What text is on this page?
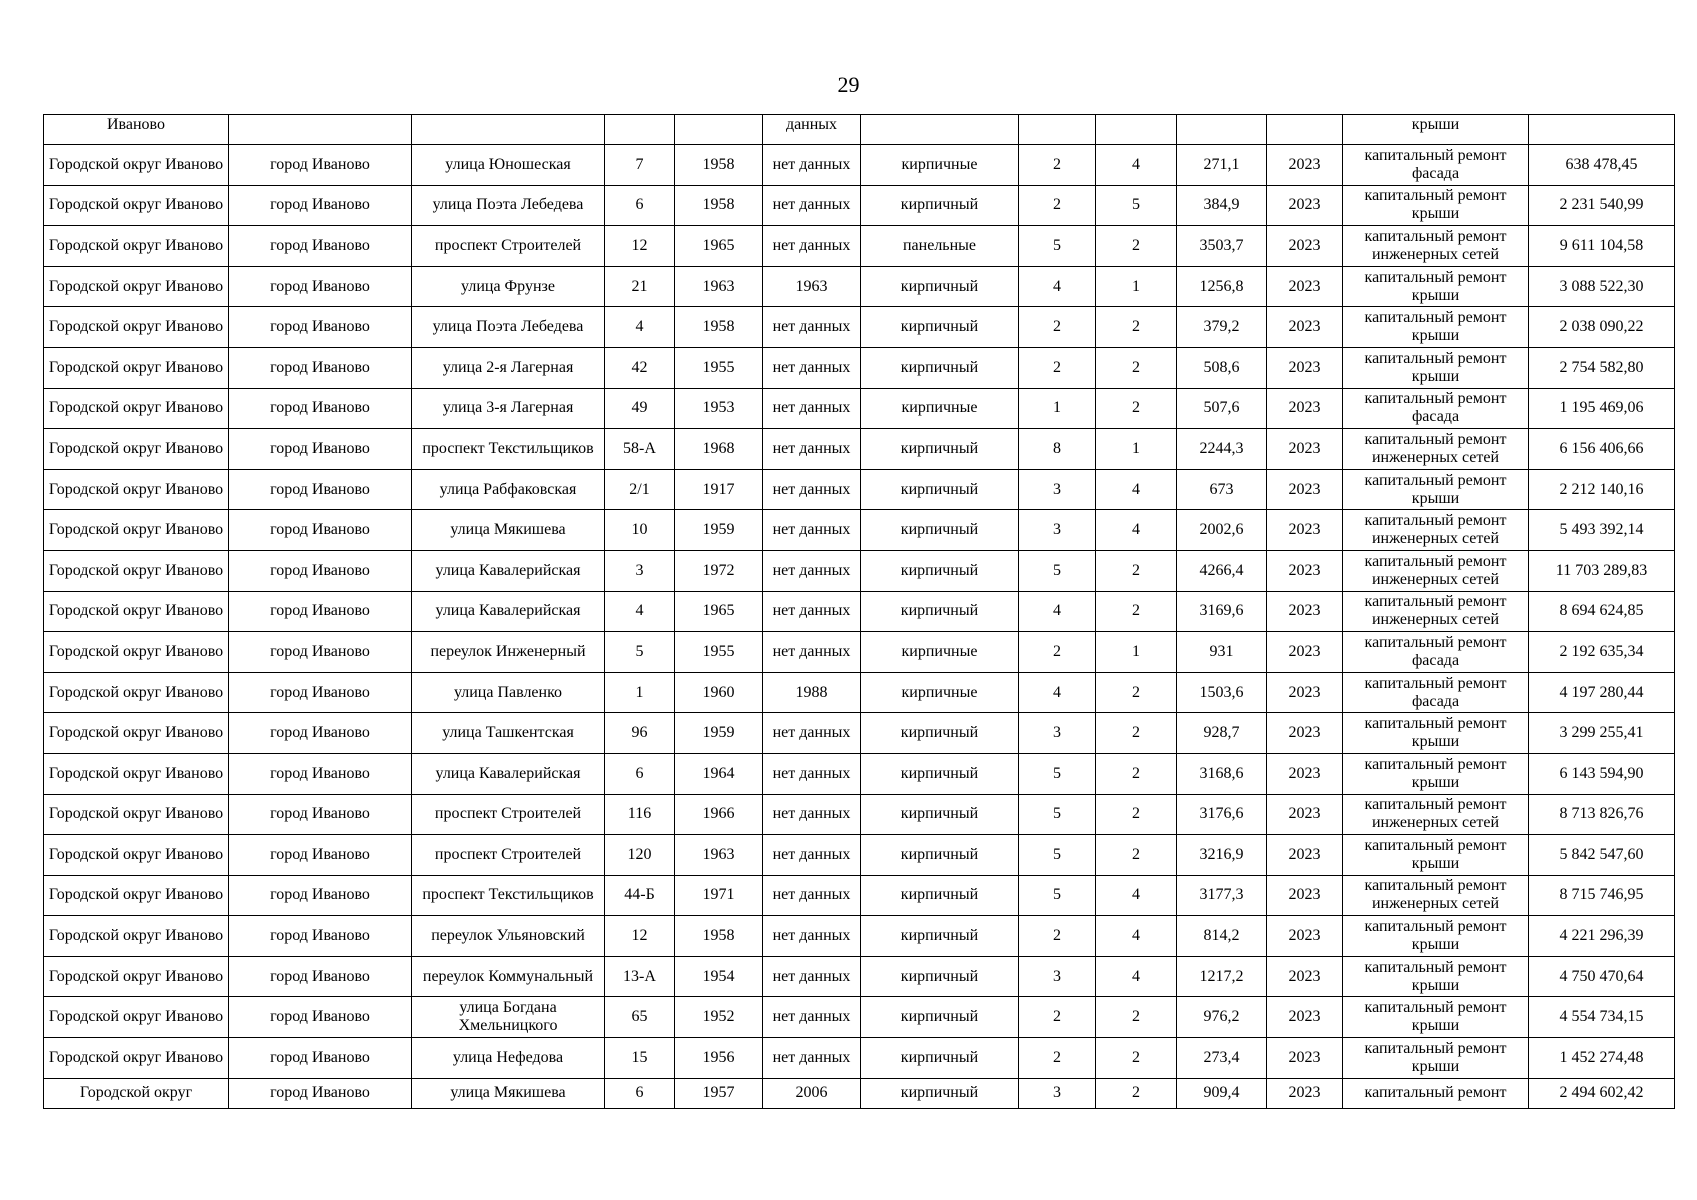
29
Иваново					данных						крыши	
Городской округ Иваново	город Иваново	улица Юношеская	7	1958	нет данных	кирпичные	2	4	271,1	2023	капитальный ремонт фасада	638 478,45
Городской округ Иваново	город Иваново	улица Поэта Лебедева	6	1958	нет данных	кирпичный	2	5	384,9	2023	капитальный ремонт крыши	2 231 540,99
Городской округ Иваново	город Иваново	проспект Строителей	12	1965	нет данных	панельные	5	2	3503,7	2023	капитальный ремонт инженерных сетей	9 611 104,58
Городской округ Иваново	город Иваново	улица Фрунзе	21	1963	1963	кирпичный	4	1	1256,8	2023	капитальный ремонт крыши	3 088 522,30
Городской округ Иваново	город Иваново	улица Поэта Лебедева	4	1958	нет данных	кирпичный	2	2	379,2	2023	капитальный ремонт крыши	2 038 090,22
Городской округ Иваново	город Иваново	улица 2-я Лагерная	42	1955	нет данных	кирпичный	2	2	508,6	2023	капитальный ремонт крыши	2 754 582,80
Городской округ Иваново	город Иваново	улица 3-я Лагерная	49	1953	нет данных	кирпичные	1	2	507,6	2023	капитальный ремонт фасада	1 195 469,06
Городской округ Иваново	город Иваново	проспект Текстильщиков	58-А	1968	нет данных	кирпичный	8	1	2244,3	2023	капитальный ремонт инженерных сетей	6 156 406,66
Городской округ Иваново	город Иваново	улица Рабфаковская	2/1	1917	нет данных	кирпичный	3	4	673	2023	капитальный ремонт крыши	2 212 140,16
Городской округ Иваново	город Иваново	улица Мякишева	10	1959	нет данных	кирпичный	3	4	2002,6	2023	капитальный ремонт инженерных сетей	5 493 392,14
Городской округ Иваново	город Иваново	улица Кавалерийская	3	1972	нет данных	кирпичный	5	2	4266,4	2023	капитальный ремонт инженерных сетей	11 703 289,83
Городской округ Иваново	город Иваново	улица Кавалерийская	4	1965	нет данных	кирпичный	4	2	3169,6	2023	капитальный ремонт инженерных сетей	8 694 624,85
Городской округ Иваново	город Иваново	переулок Инженерный	5	1955	нет данных	кирпичные	2	1	931	2023	капитальный ремонт фасада	2 192 635,34
Городской округ Иваново	город Иваново	улица Павленко	1	1960	1988	кирпичные	4	2	1503,6	2023	капитальный ремонт фасада	4 197 280,44
Городской округ Иваново	город Иваново	улица Ташкентская	96	1959	нет данных	кирпичный	3	2	928,7	2023	капитальный ремонт крыши	3 299 255,41
Городской округ Иваново	город Иваново	улица Кавалерийская	6	1964	нет данных	кирпичный	5	2	3168,6	2023	капитальный ремонт крыши	6 143 594,90
Городской округ Иваново	город Иваново	проспект Строителей	116	1966	нет данных	кирпичный	5	2	3176,6	2023	капитальный ремонт инженерных сетей	8 713 826,76
Городской округ Иваново	город Иваново	проспект Строителей	120	1963	нет данных	кирпичный	5	2	3216,9	2023	капитальный ремонт крыши	5 842 547,60
Городской округ Иваново	город Иваново	проспект Текстильщиков	44-Б	1971	нет данных	кирпичный	5	4	3177,3	2023	капитальный ремонт инженерных сетей	8 715 746,95
Городской округ Иваново	город Иваново	переулок Ульяновский	12	1958	нет данных	кирпичный	2	4	814,2	2023	капитальный ремонт крыши	4 221 296,39
Городской округ Иваново	город Иваново	переулок Коммунальный	13-А	1954	нет данных	кирпичный	3	4	1217,2	2023	капитальный ремонт крыши	4 750 470,64
Городской округ Иваново	город Иваново	улица Богдана Хмельницкого	65	1952	нет данных	кирпичный	2	2	976,2	2023	капитальный ремонт крыши	4 554 734,15
Городской округ Иваново	город Иваново	улица Нефедова	15	1956	нет данных	кирпичный	2	2	273,4	2023	капитальный ремонт крыши	1 452 274,48
Городской округ	город Иваново	улица Мякишева	6	1957	2006	кирпичный	3	2	909,4	2023	капитальный ремонт	2 494 602,42
